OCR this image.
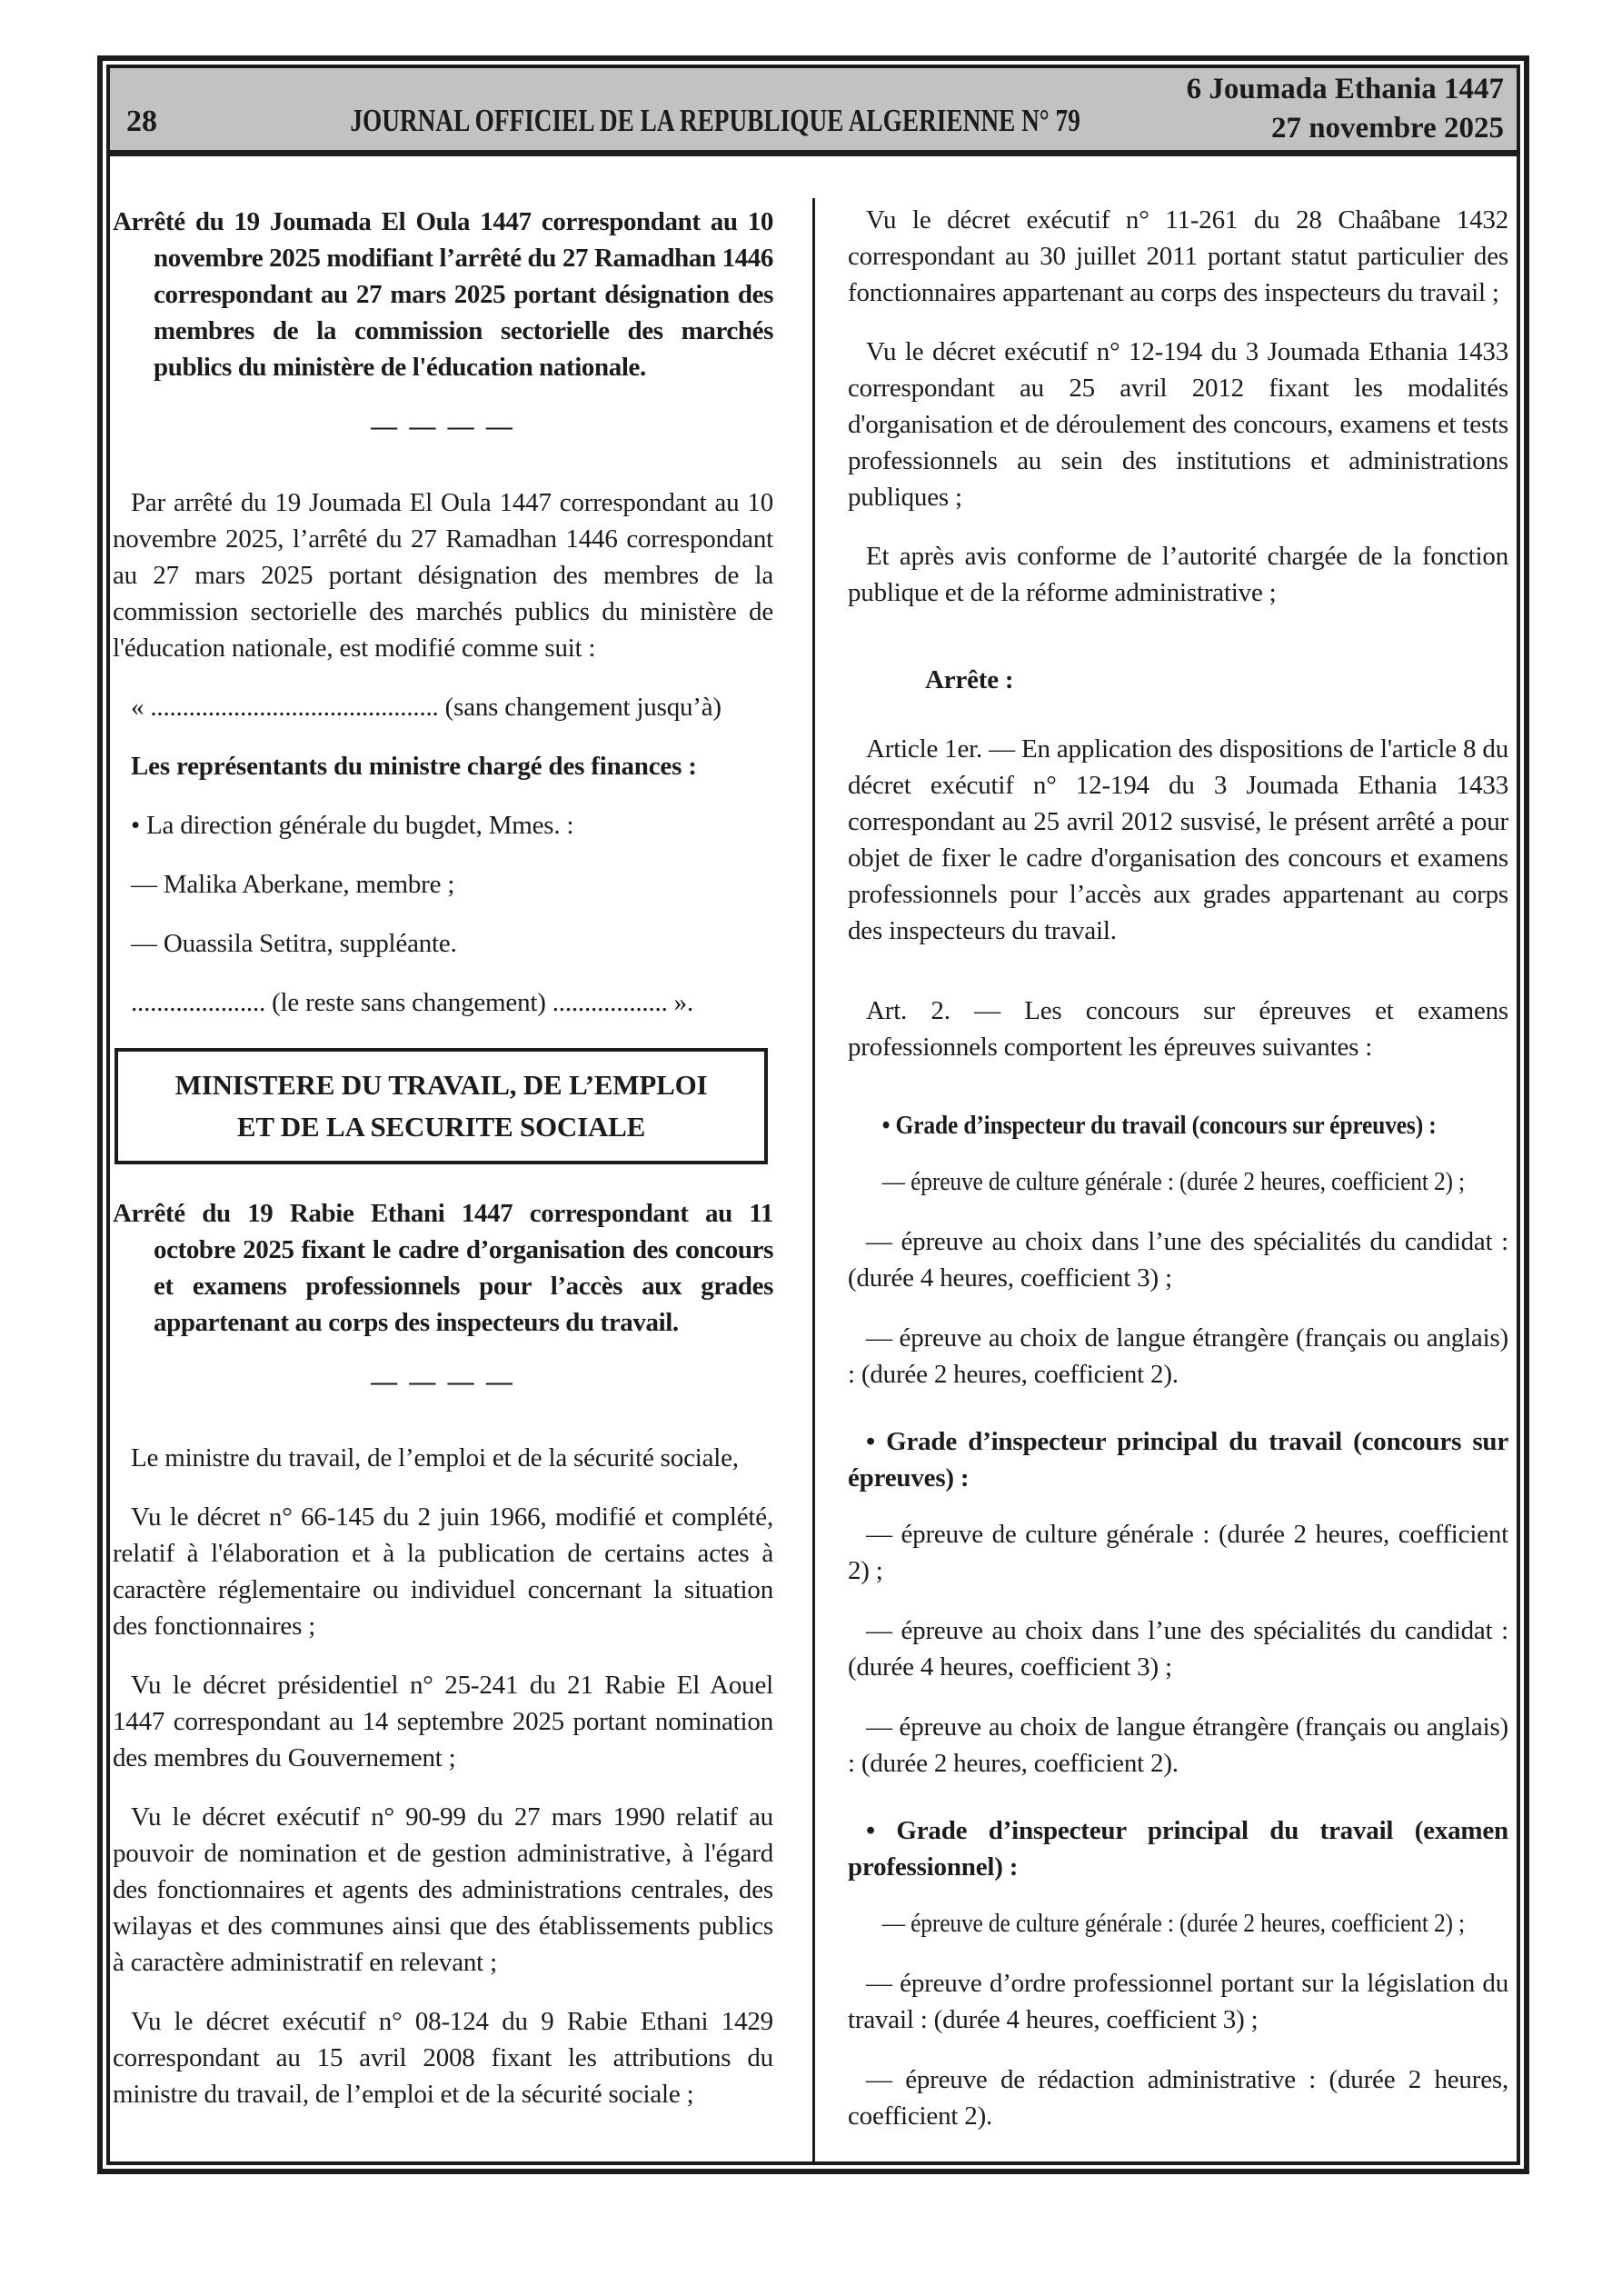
28	JOURNAL OFFICIEL DE LA REPUBLIQUE ALGERIENNE N° 79
6 Joumada Ethania 1447
27 novembre 2025

Arrêté du 19 Joumada El Oula 1447 correspondant au 10 novembre 2025 modifiant l’arrêté du 27 Ramadhan 1446 correspondant au 27 mars 2025 portant désignation des membres de la commission sectorielle des marchés publics du ministère de l'éducation nationale.

— — — —

Par arrêté du 19 Joumada El Oula 1447 correspondant au 10 novembre 2025, l’arrêté du 27 Ramadhan 1446 correspondant au 27 mars 2025 portant désignation des membres de la commission sectorielle des marchés publics du ministère de l'éducation nationale, est modifié comme suit :

« ............................................. (sans changement jusqu’à)

Les représentants du ministre chargé des finances :

• La direction générale du bugdet, Mmes. :

— Malika Aberkane, membre ;

— Ouassila Setitra, suppléante.

..................... (le reste sans changement) .................. ».

MINISTERE DU TRAVAIL, DE L’EMPLOI
ET DE LA SECURITE SOCIALE

Arrêté du 19 Rabie Ethani 1447 correspondant au 11 octobre 2025 fixant le cadre d’organisation des concours et examens professionnels pour l’accès aux grades appartenant au corps des inspecteurs du travail.

— — — —

Le ministre du travail, de l’emploi et de la sécurité sociale,

Vu le décret n° 66-145 du 2 juin 1966, modifié et complété, relatif à l'élaboration et à la publication de certains actes à caractère réglementaire ou individuel concernant la situation des fonctionnaires ;

Vu le décret présidentiel n° 25-241 du 21 Rabie El Aouel 1447 correspondant au 14 septembre 2025 portant nomination des membres du Gouvernement ;

Vu le décret exécutif n° 90-99 du 27 mars 1990 relatif au pouvoir de nomination et de gestion administrative, à l'égard des fonctionnaires et agents des administrations centrales, des wilayas et des communes ainsi que des établissements publics à caractère administratif en relevant ;

Vu le décret exécutif n° 08-124 du 9 Rabie Ethani 1429 correspondant au 15 avril 2008 fixant les attributions du ministre du travail, de l’emploi et de la sécurité sociale ;

Vu le décret exécutif n° 11-261 du 28 Chaâbane 1432 correspondant au 30 juillet 2011 portant statut particulier des fonctionnaires appartenant au corps des inspecteurs du travail ;

Vu le décret exécutif n° 12-194 du 3 Joumada Ethania 1433 correspondant au 25 avril 2012 fixant les modalités d'organisation et de déroulement des concours, examens et tests professionnels au sein des institutions et administrations publiques ;

Et après avis conforme de l’autorité chargée de la fonction publique et de la réforme administrative ;

Arrête :

Article 1er. — En application des dispositions de l'article 8 du décret exécutif n° 12-194 du 3 Joumada Ethania 1433 correspondant au 25 avril 2012 susvisé, le présent arrêté a pour objet de fixer le cadre d'organisation des concours et examens professionnels pour l’accès aux grades appartenant au corps des inspecteurs du travail.

Art. 2. — Les concours sur épreuves et examens professionnels comportent les épreuves suivantes :

• Grade d’inspecteur du travail (concours sur épreuves) :

— épreuve de culture générale : (durée 2 heures, coefficient 2) ;

— épreuve au choix dans l’une des spécialités du candidat : (durée 4 heures, coefficient 3) ;

— épreuve au choix de langue étrangère (français ou anglais) : (durée 2 heures, coefficient 2).

• Grade d’inspecteur principal du travail (concours sur épreuves) :

— épreuve de culture générale : (durée 2 heures, coefficient 2) ;

— épreuve au choix dans l’une des spécialités du candidat : (durée 4 heures, coefficient 3) ;

— épreuve au choix de langue étrangère (français ou anglais) : (durée 2 heures, coefficient 2).

• Grade d’inspecteur principal du travail (examen professionnel) :

— épreuve de culture générale : (durée 2 heures, coefficient 2) ;

— épreuve d’ordre professionnel portant sur la législation du travail : (durée 4 heures, coefficient 3) ;

— épreuve de rédaction administrative : (durée 2 heures, coefficient 2).
